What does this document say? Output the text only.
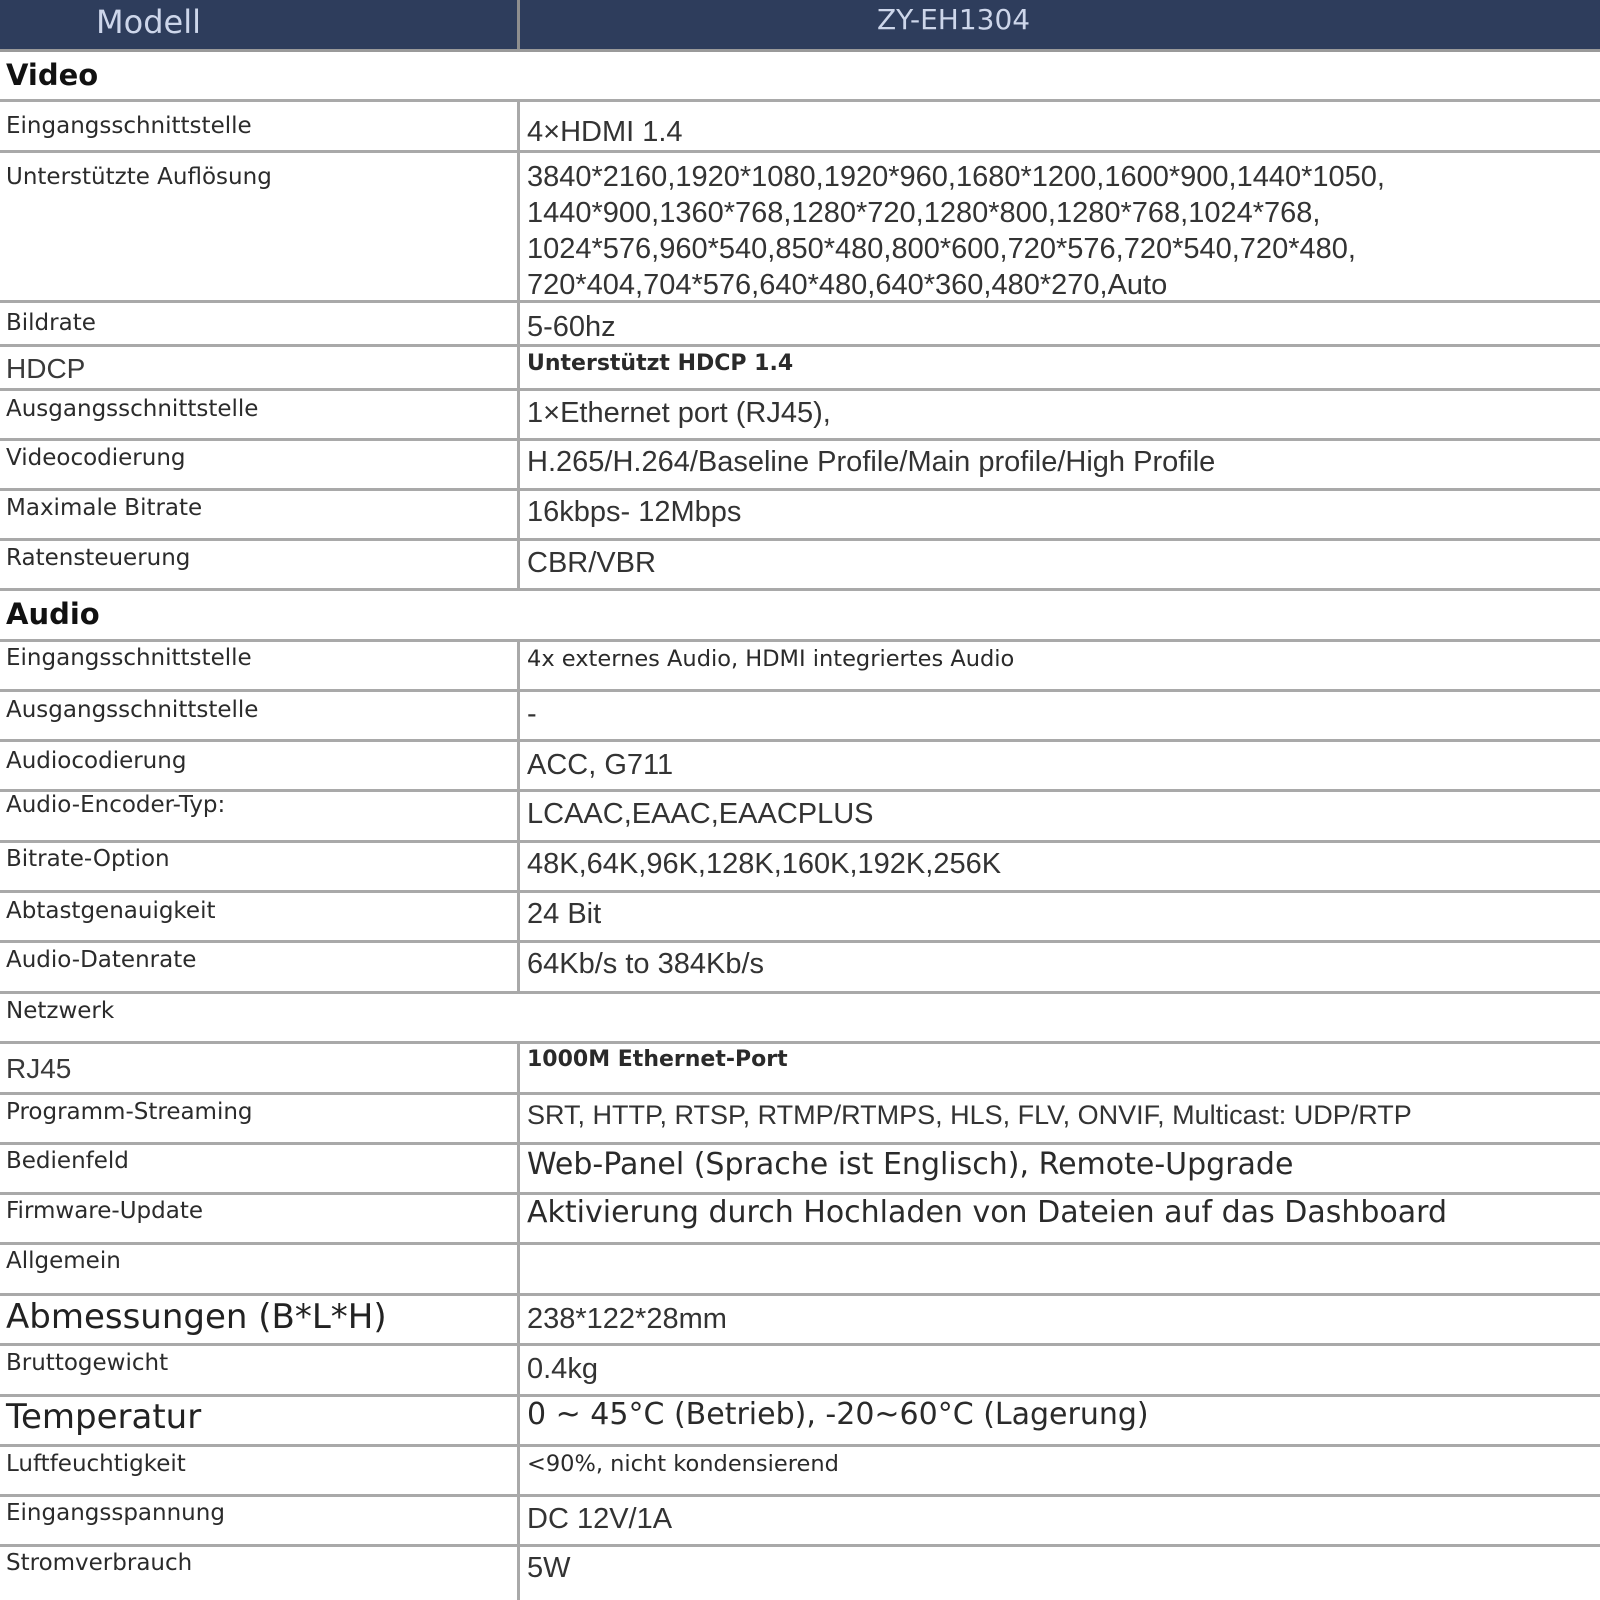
Modell	ZY-EH1304
Video
Eingangsschnittstelle	4×HDMI 1.4
Unterstützte Auflösung	3840*2160,1920*1080,1920*960,1680*1200,1600*900,1440*1050,
1440*900,1360*768,1280*720,1280*800,1280*768,1024*768,
1024*576,960*540,850*480,800*600,720*576,720*540,720*480,
720*404,704*576,640*480,640*360,480*270,Auto
Bildrate	5-60hz
HDCP	Unterstützt HDCP 1.4
Ausgangsschnittstelle	1×Ethernet port (RJ45),
Videocodierung	H.265/H.264/Baseline Profile/Main profile/High Profile
Maximale Bitrate	16kbps- 12Mbps
Ratensteuerung	CBR/VBR
Audio
Eingangsschnittstelle	4x externes Audio, HDMI integriertes Audio
Ausgangsschnittstelle	-
Audiocodierung	ACC, G711
Audio-Encoder-Typ:	LCAAC,EAAC,EAACPLUS
Bitrate-Option	48K,64K,96K,128K,160K,192K,256K
Abtastgenauigkeit	24 Bit
Audio-Datenrate	64Kb/s to 384Kb/s
Netzwerk
RJ45	1000M Ethernet-Port
Programm-Streaming	SRT, HTTP, RTSP, RTMP/RTMPS, HLS, FLV, ONVIF, Multicast: UDP/RTP
Bedienfeld	Web-Panel (Sprache ist Englisch), Remote-Upgrade
Firmware-Update	Aktivierung durch Hochladen von Dateien auf das Dashboard
Allgemein
Abmessungen (B*L*H)	238*122*28mm
Bruttogewicht	0.4kg
Temperatur	0 ~ 45°C (Betrieb), -20~60°C (Lagerung)
Luftfeuchtigkeit	<90%, nicht kondensierend
Eingangsspannung	DC 12V/1A
Stromverbrauch	5W
